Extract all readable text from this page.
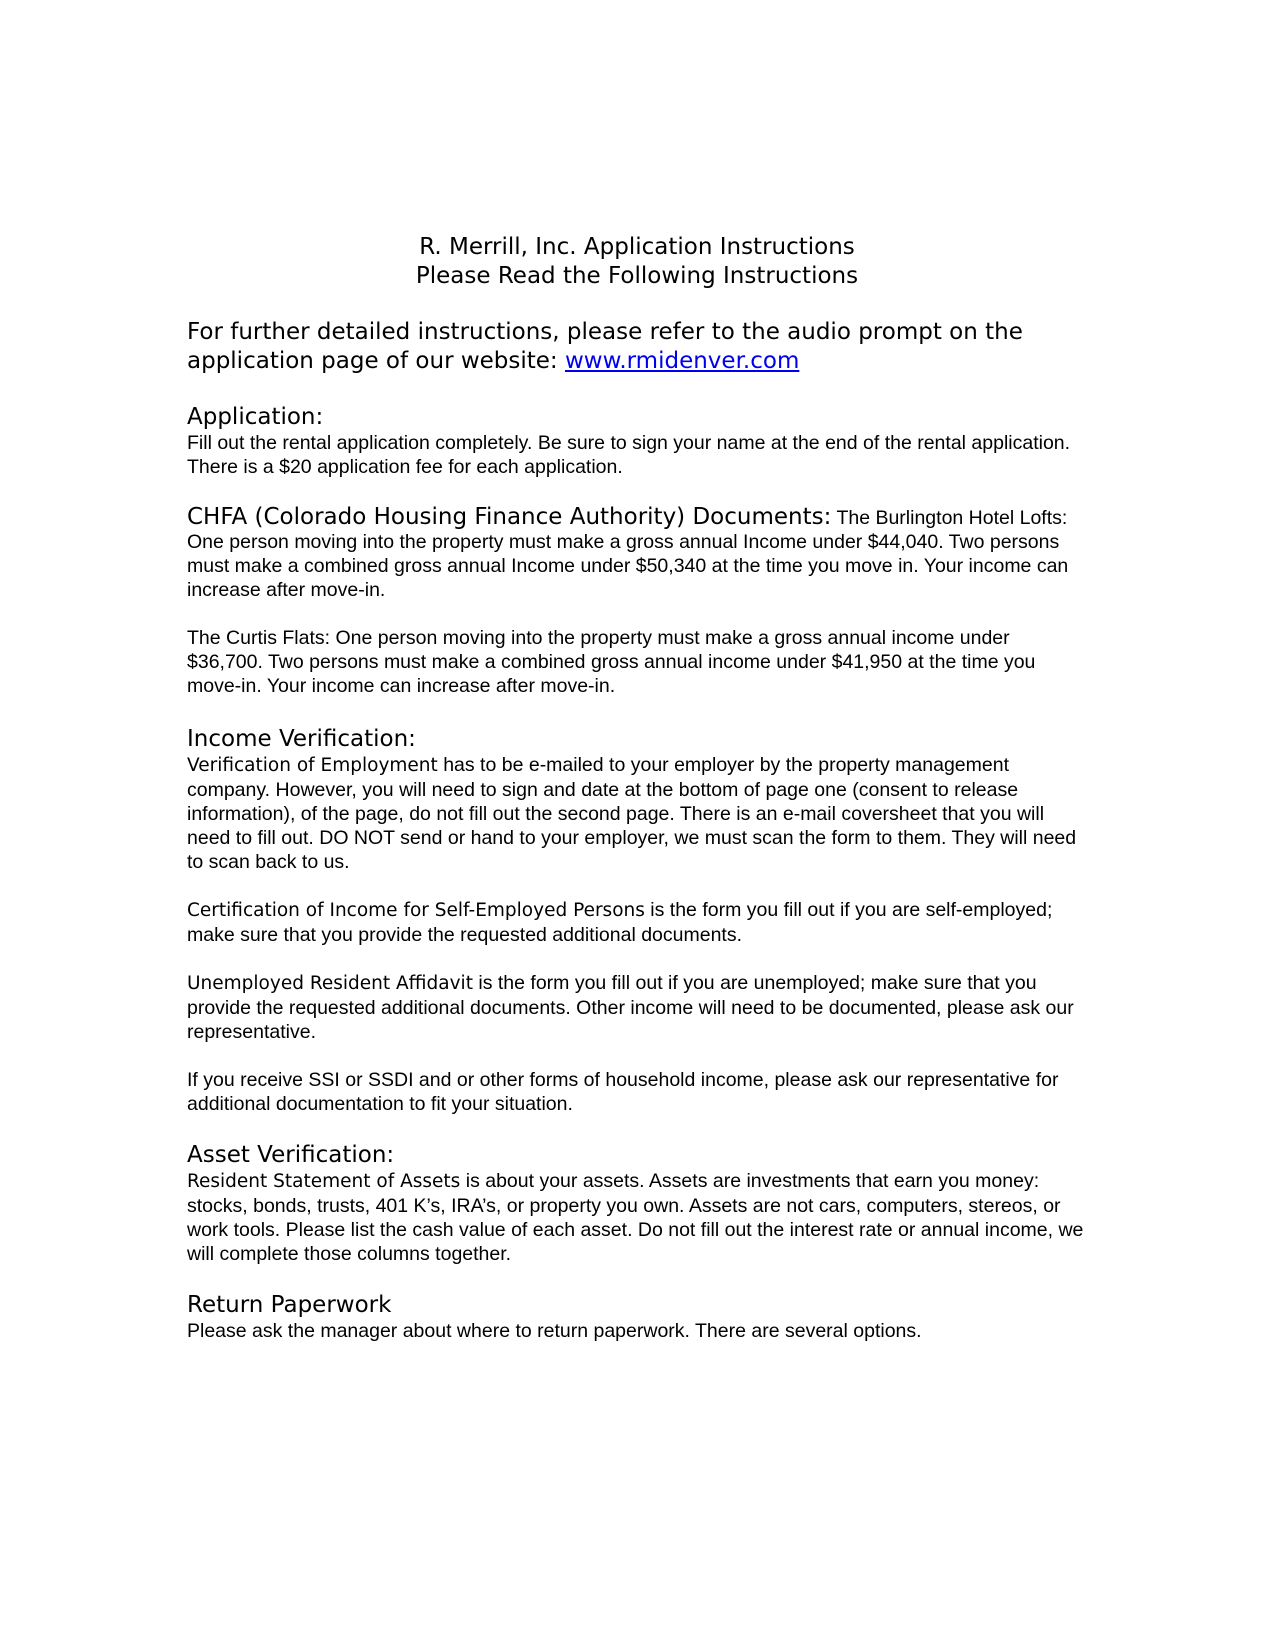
R. Merrill, Inc. Application Instructions
Please Read the Following Instructions

For further detailed instructions, please refer to the audio prompt on the application page of our website: www.rmidenver.com

Application:

Fill out the rental application completely. Be sure to sign your name at the end of the rental application. There is a $20 application fee for each application.

CHFA (Colorado Housing Finance Authority) Documents: The Burlington Hotel Lofts: One person moving into the property must make a gross annual Income under $44,040. Two persons must make a combined gross annual Income under $50,340 at the time you move in. Your income can increase after move-in.

The Curtis Flats: One person moving into the property must make a gross annual income under $36,700. Two persons must make a combined gross annual income under $41,950 at the time you move-in. Your income can increase after move-in.

Income Verification:

Verification of Employment has to be e-mailed to your employer by the property management company. However, you will need to sign and date at the bottom of page one (consent to release information), of the page, do not fill out the second page. There is an e-mail coversheet that you will need to fill out. DO NOT send or hand to your employer, we must scan the form to them. They will need to scan back to us.

Certification of Income for Self-Employed Persons is the form you fill out if you are self-employed; make sure that you provide the requested additional documents.

Unemployed Resident Affidavit is the form you fill out if you are unemployed; make sure that you provide the requested additional documents. Other income will need to be documented, please ask our representative.

If you receive SSI or SSDI and or other forms of household income, please ask our representative for additional documentation to fit your situation.

Asset Verification:

Resident Statement of Assets is about your assets. Assets are investments that earn you money: stocks, bonds, trusts, 401 K’s, IRA’s, or property you own. Assets are not cars, computers, stereos, or work tools. Please list the cash value of each asset. Do not fill out the interest rate or annual income, we will complete those columns together.

Return Paperwork

Please ask the manager about where to return paperwork. There are several options.
